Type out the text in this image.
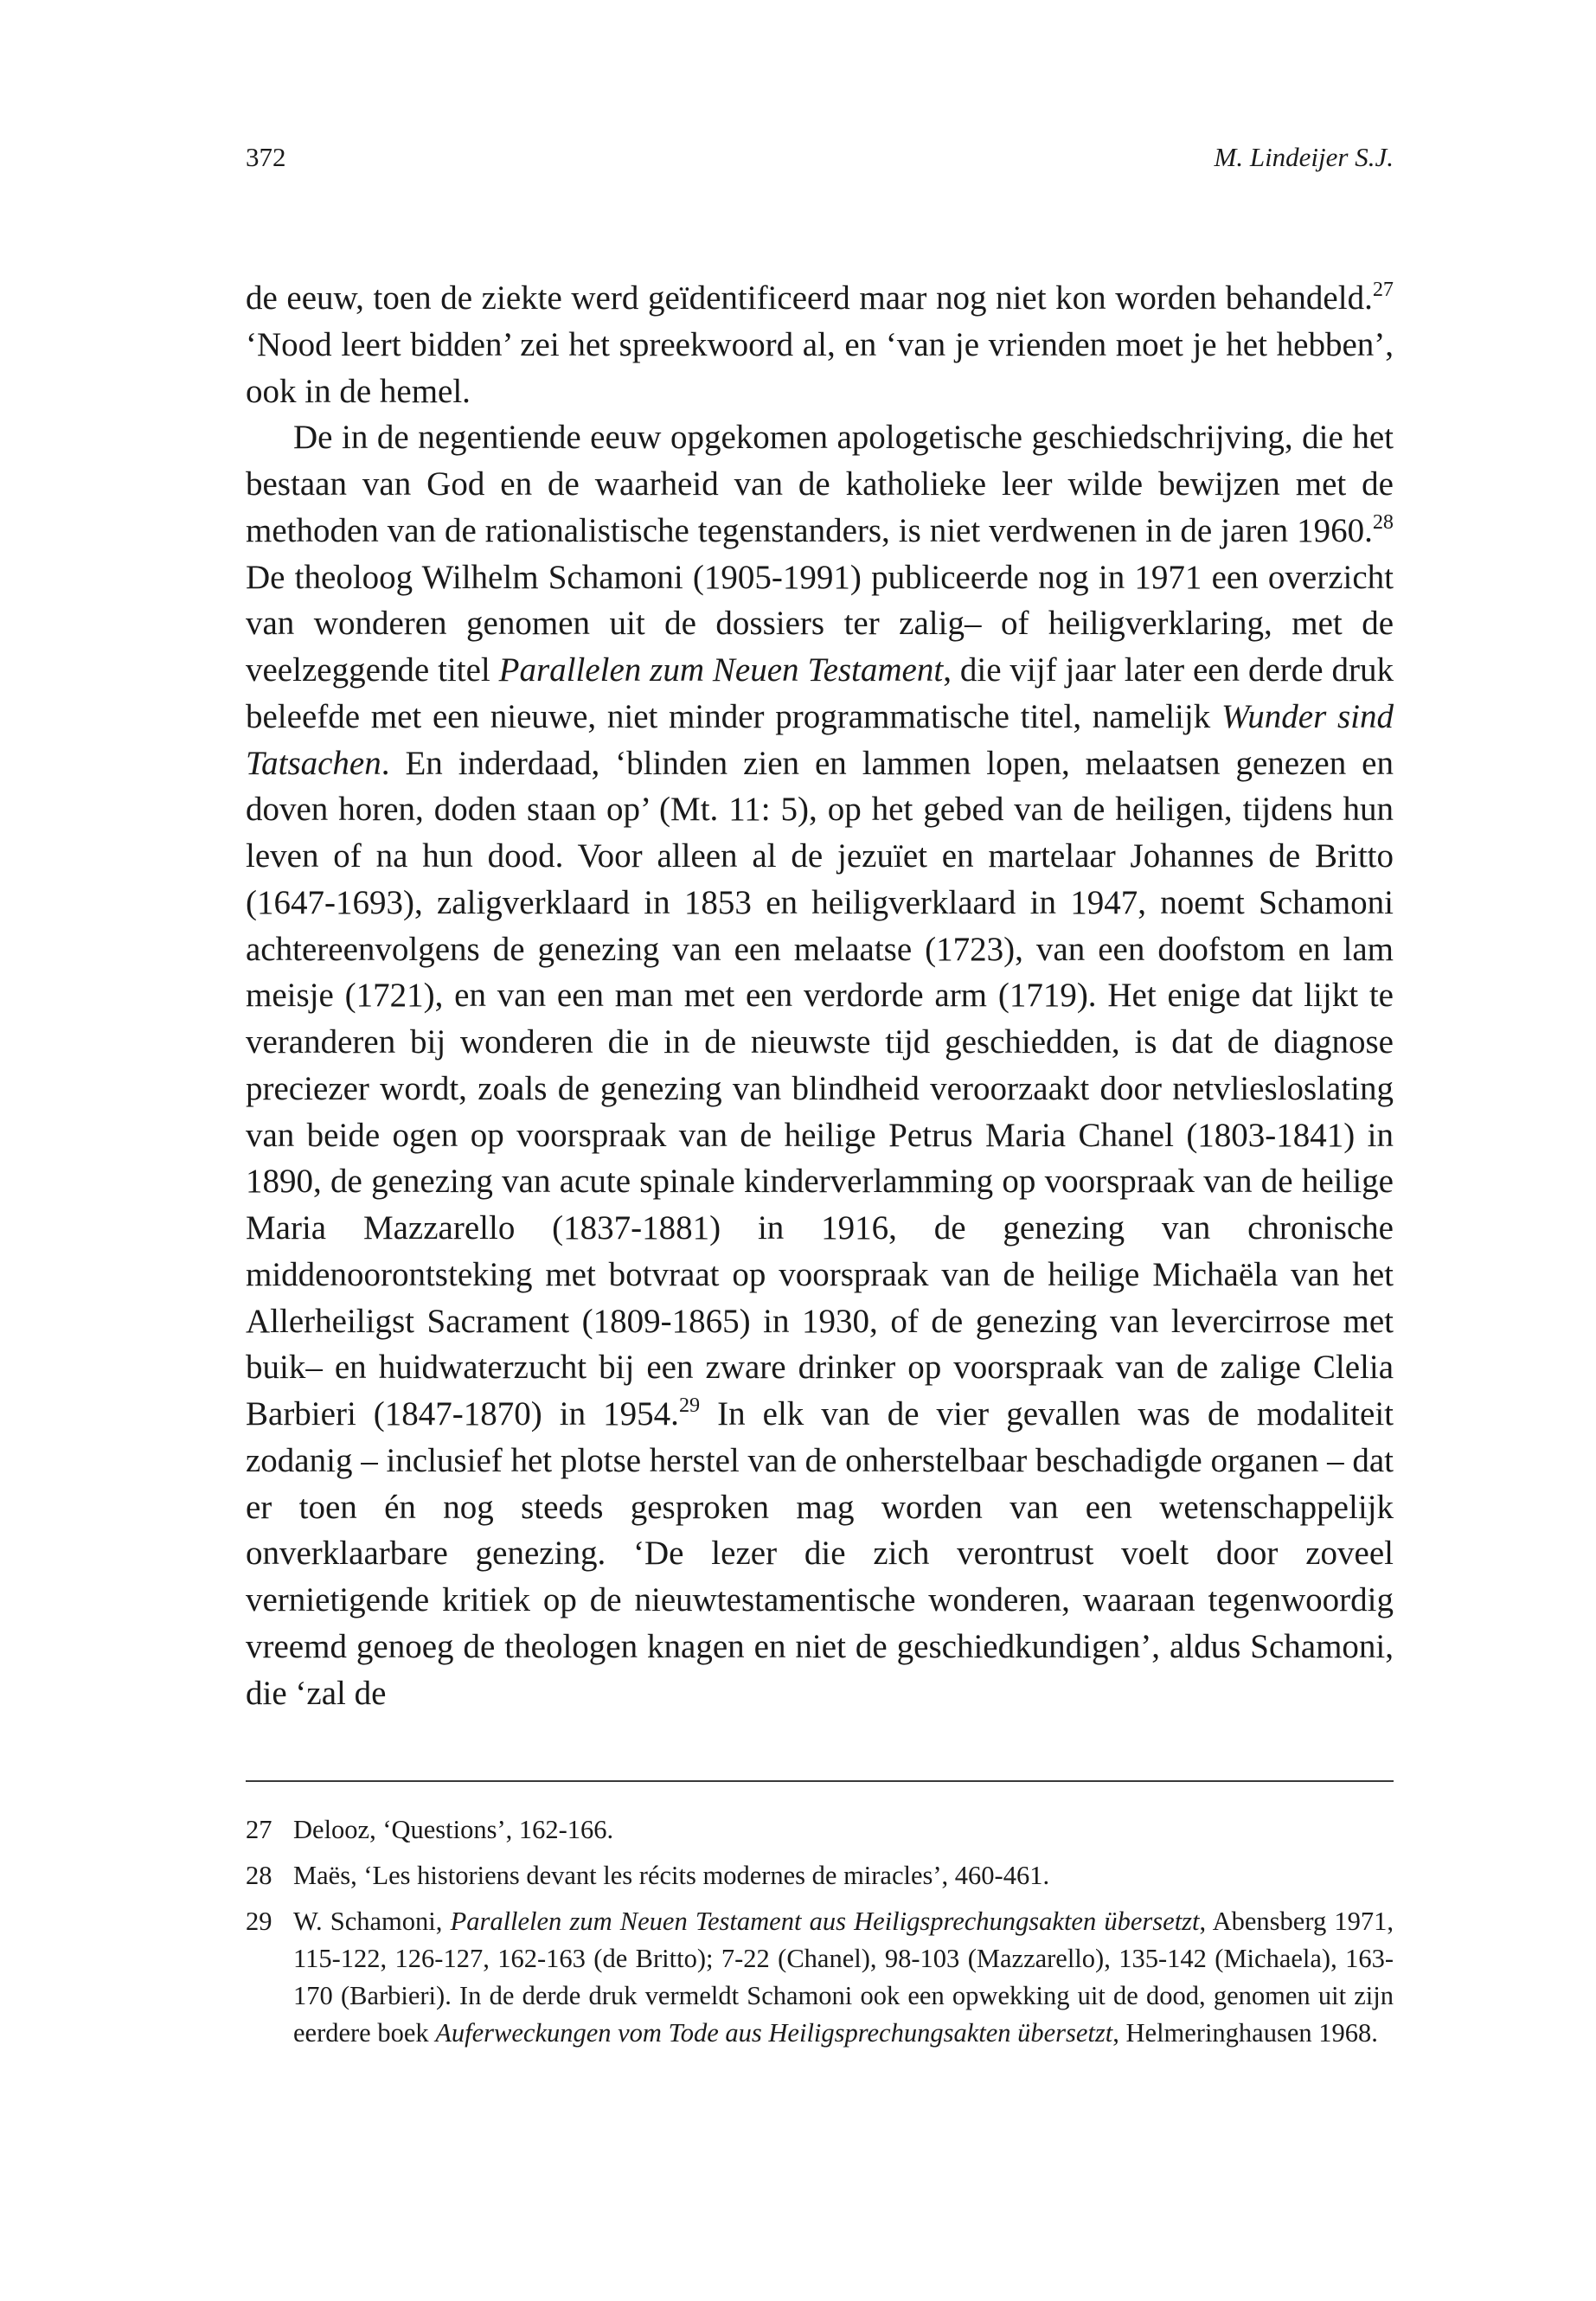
372	M. Lindeijer S.J.

de eeuw, toen de ziekte werd geïdentificeerd maar nog niet kon worden behandeld.$^{27}$ ‘Nood leert bidden’ zei het spreekwoord al, en ‘van je vrienden moet je het hebben’, ook in de hemel.

De in de negentiende eeuw opgekomen apologetische geschiedschrijving, die het bestaan van God en de waarheid van de katholieke leer wilde bewijzen met de methoden van de rationalistische tegenstanders, is niet verdwenen in de jaren 1960.28 De theoloog Wilhelm Schamoni (1905-1991) publiceerde nog in 1971 een overzicht van wonderen genomen uit de dossiers ter zalig– of heiligverklaring, met de veelzeggende titel Parallelen zum Neuen Testament, die vijf jaar later een derde druk beleefde met een nieuwe, niet minder programmatische titel, namelijk Wunder sind Tatsachen. En inderdaad, ‘blinden zien en lammen lopen, melaatsen genezen en doven horen, doden staan op’ (Mt. 11: 5), op het gebed van de heiligen, tijdens hun leven of na hun dood. Voor alleen al de jezuïet en martelaar Johannes de Britto (1647-1693), zaligverklaard in 1853 en heiligverklaard in 1947, noemt Schamoni achtereenvolgens de genezing van een melaatse (1723), van een doofstom en lam meisje (1721), en van een man met een verdorde arm (1719). Het enige dat lijkt te veranderen bij wonderen die in de nieuwste tijd geschiedden, is dat de diagnose preciezer wordt, zoals de genezing van blindheid veroorzaakt door netvliesloslating van beide ogen op voorspraak van de heilige Petrus Maria Chanel (1803-1841) in 1890, de genezing van acute spinale kinderverlamming op voorspraak van de heilige Maria Mazzarello (1837-1881) in 1916, de genezing van chronische middenoorontsteking met botvraat op voorspraak van de heilige Michaëla van het Allerheiligst Sacrament (1809-1865) in 1930, of de genezing van levercirrose met buik– en huidwaterzucht bij een zware drinker op voorspraak van de zalige Clelia Barbieri (1847-1870) in 1954.29 In elk van de vier gevallen was de modaliteit zodanig – inclusief het plotse herstel van de onherstelbaar beschadigde organen – dat er toen én nog steeds gesproken mag worden van een wetenschappelijk onverklaarbare genezing. ‘De lezer die zich verontrust voelt door zoveel vernietigende kritiek op de nieuwtestamentische wonderen, waaraan tegenwoordig vreemd genoeg de theologen knagen en niet de geschiedkundigen’, aldus Schamoni, die ‘zal de

27 Delooz, ‘Questions’, 162-166.
28 Maës, ‘Les historiens devant les récits modernes de miracles’, 460-461.
29 W. Schamoni, Parallelen zum Neuen Testament aus Heiligsprechungsakten übersetzt, Abensberg 1971, 115-122, 126-127, 162-163 (de Britto); 7-22 (Chanel), 98-103 (Mazzarello), 135-142 (Michaela), 163-170 (Barbieri). In de derde druk vermeldt Schamoni ook een opwekking uit de dood, genomen uit zijn eerdere boek Auferweckungen vom Tode aus Heiligsprechungsakten übersetzt, Helmeringhausen 1968.
